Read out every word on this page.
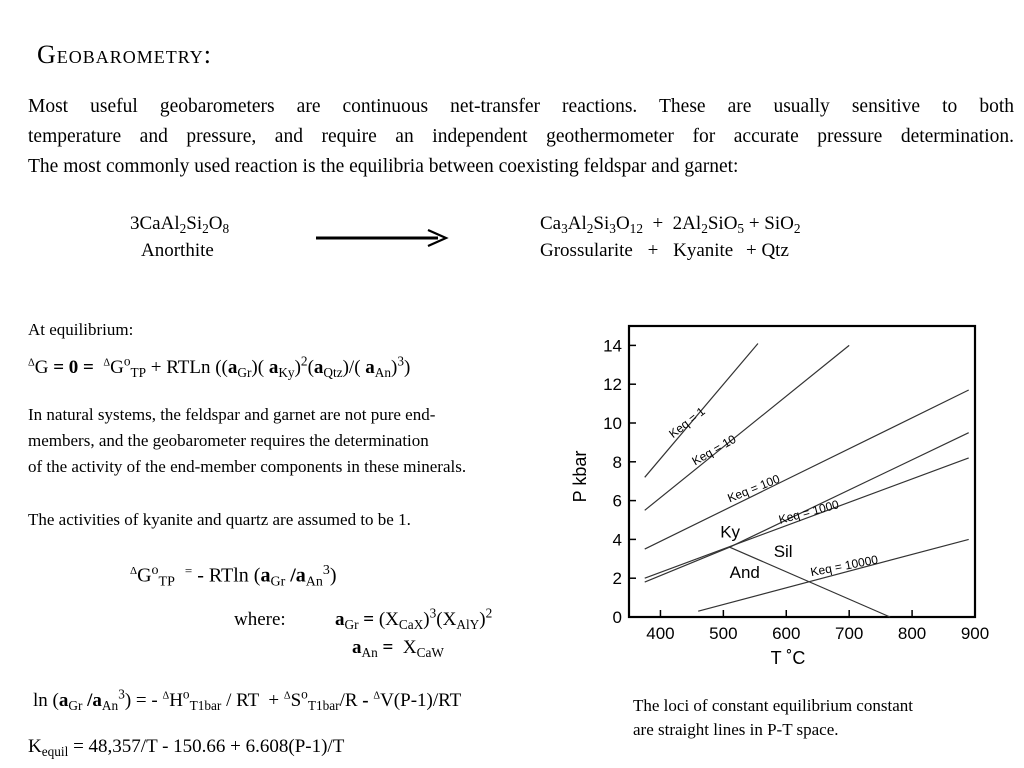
Geobarometry:
Most useful geobarometers are continuous net-transfer reactions. These are usually sensitive to both
temperature and pressure, and require an independent geothermometer for accurate pressure determination.
The most commonly used reaction is the equilibria between coexisting feldspar and garnet:
$3CaAl_2Si_2O_8$
Anorthite
$Ca_3Al_2Si_3O_{12} + 2Al_2SiO_5 + SiO_2$
Grossularite + Kyanite + Qtz
At equilibrium:
$^\Delta G = 0 = ^\Delta G^o_{TP}$ + RTLn ($(a_{Gr})$( $a_{Ky})^2(a_{Qtz})/$( $a_{An})^3$)
In natural systems, the feldspar and garnet are not pure end-
members, and the geobarometer requires the determination
of the activity of the end-member components in these minerals.
The activities of kyanite and quartz are assumed to be 1.
$^\Delta G^o_{TP}$  = - RTln ($a_{Gr}$ $/a_{An}^3$)
where:	$a_{Gr} = (X_{CaX})^3(X_{AlY})^2$
$a_{An} = X_{CaW}$
$\ln (a_{Gr}$ $/a_{An}^3$) = - $^\Delta H^o_{T1bar}$ / RT  + $^\Delta S^o_{T1bar}/R - ^\Delta V(P-1)/RT$
$K_{equil} = 48,357/T - 150.66 + 6.608(P-1)/T$
The loci of constant equilibrium constant
are straight lines in P-T space.
400 500 600 700 800 900
0
2
4
6
8
10
12
14
Keq = 1
Keq = 10
Keq = 100
Keq = 1000
Keq = 10000
Ky
Sil
And
T ˚C
P kbar
